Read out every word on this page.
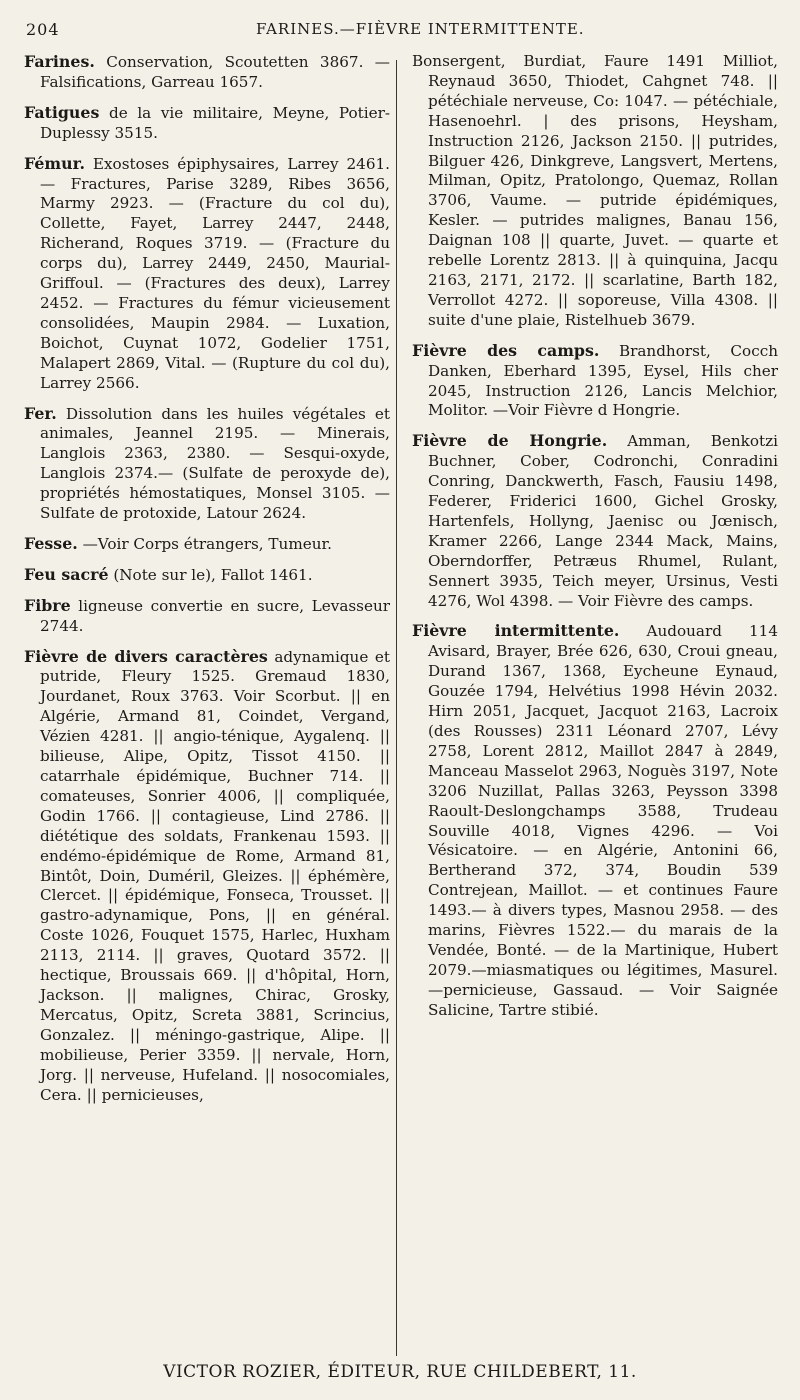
204	FARINES.—FIÈVRE INTERMITTENTE.

Farines. Conservation, Scoutetten 3867. — Falsifications, Garreau 1657.

Fatigues de la vie militaire, Meyne, Potier-Duplessy 3515.

Fémur. Exostoses épiphysaires, Larrey 2461.— Fractures, Parise 3289, Ribes 3656, Marmy 2923. — (Fracture du col du), Collette, Fayet, Larrey 2447, 2448, Richerand, Roques 3719. — (Fracture du corps du), Larrey 2449, 2450, Maurial-Griffoul. — (Fractures des deux), Larrey 2452. — Fractures du fémur vicieusement consolidées, Maupin 2984. — Luxation, Boichot, Cuynat 1072, Godelier 1751, Malapert 2869, Vital. — (Rupture du col du), Larrey 2566.

Fer. Dissolution dans les huiles végétales et animales, Jeannel 2195. — Minerais, Langlois 2363, 2380. — Sesqui-oxyde, Langlois 2374.— (Sulfate de peroxyde de), propriétés hémostatiques, Monsel 3105. — Sulfate de protoxide, Latour 2624.

Fesse. —Voir Corps étrangers, Tumeur.

Feu sacré (Note sur le), Fallot 1461.

Fibre ligneuse convertie en sucre, Levasseur 2744.

Fièvre de divers caractères adynamique et putride, Fleury 1525. Gremaud 1830, Jourdanet, Roux 3763. Voir Scorbut. || en Algérie, Armand 81, Coindet, Vergand, Vézien 4281. || angio-ténique, Aygalenq. || bilieuse, Alipe, Opitz, Tissot 4150. || catarrhale épidémique, Buchner 714. || comateuses, Sonrier 4006, || compliquée, Godin 1766. || contagieuse, Lind 2786. || diététique des soldats, Frankenau 1593. || endémo-épidémique de Rome, Armand 81, Bintôt, Doin, Duméril, Gleizes. || éphémère, Clercet. || épidémique, Fonseca, Trousset. || gastro-adynamique, Pons, || en général. Coste 1026, Fouquet 1575, Harlec, Huxham 2113, 2114. || graves, Quotard 3572. || hectique, Broussais 669. || d'hôpital, Horn, Jackson. || malignes, Chirac, Grosky, Mercatus, Opitz, Screta 3881, Scrincius, Gonzalez. || méningo-gastrique, Alipe. || mobilieuse, Perier 3359. || nervale, Horn, Jorg. || nerveuse, Hufeland. || nosocomiales, Cera. || pernicieuses,

Bonsergent, Burdiat, Faure 1491 Milliot, Reynaud 3650, Thiodet, Cahgnet 748. || pétéchiale nerveuse, Co: 1047. — pétéchiale, Hasenoehrl. | des prisons, Heysham, Instruction 2126, Jackson 2150. || putrides, Bilguer 426, Dinkgreve, Langsvert, Mertens, Milman, Opitz, Pratolongo, Quemaz, Rollan 3706, Vaume. — putride épidémiques, Kesler. — putrides malignes, Banau 156, Daignan 108 || quarte, Juvet. — quarte et rebelle Lorentz 2813. || à quinquina, Jacqu 2163, 2171, 2172. || scarlatine, Barth 182, Verrollot 4272. || soporeuse, Villa 4308. || suite d'une plaie, Ristelhueb 3679.

Fièvre des camps. Brandhorst, Cocch Danken, Eberhard 1395, Eysel, Hils cher 2045, Instruction 2126, Lancis Melchior, Molitor. —Voir Fièvre d Hongrie.

Fièvre de Hongrie. Amman, Benkotzi Buchner, Cober, Codronchi, Conradini Conring, Danckwerth, Fasch, Fausiu 1498, Federer, Friderici 1600, Gichel Grosky, Hartenfels, Hollyng, Jaenisc ou Jœnisch, Kramer 2266, Lange 2344 Mack, Mains, Oberndorffer, Petræus Rhumel, Rulant, Sennert 3935, Teich meyer, Ursinus, Vesti 4276, Wol 4398. — Voir Fièvre des camps.

Fièvre intermittente. Audouard 114 Avisard, Brayer, Brée 626, 630, Croui gneau, Durand 1367, 1368, Eycheune Eynaud, Gouzée 1794, Helvétius 1998 Hévin 2032. Hirn 2051, Jacquet, Jacquot 2163, Lacroix (des Rousses) 2311 Léonard 2707, Lévy 2758, Lorent 2812, Maillot 2847 à 2849, Manceau Masselot 2963, Noguès 3197, Note 3206 Nuzillat, Pallas 3263, Peysson 3398 Raoult-Deslongchamps 3588, Trudeau Souville 4018, Vignes 4296. — Voi Vésicatoire. — en Algérie, Antonini 66, Bertherand 372, 374, Boudin 539 Contrejean, Maillot. — et continues Faure 1493.— à divers types, Masnou 2958. — des marins, Fièvres 1522.— du marais de la Vendée, Bonté. — de la Martinique, Hubert 2079.—miasmatiques ou légitimes, Masurel.—pernicieuse, Gassaud. — Voir Saignée Salicine, Tartre stibié.

VICTOR ROZIER, ÉDITEUR, RUE CHILDEBERT, 11.
